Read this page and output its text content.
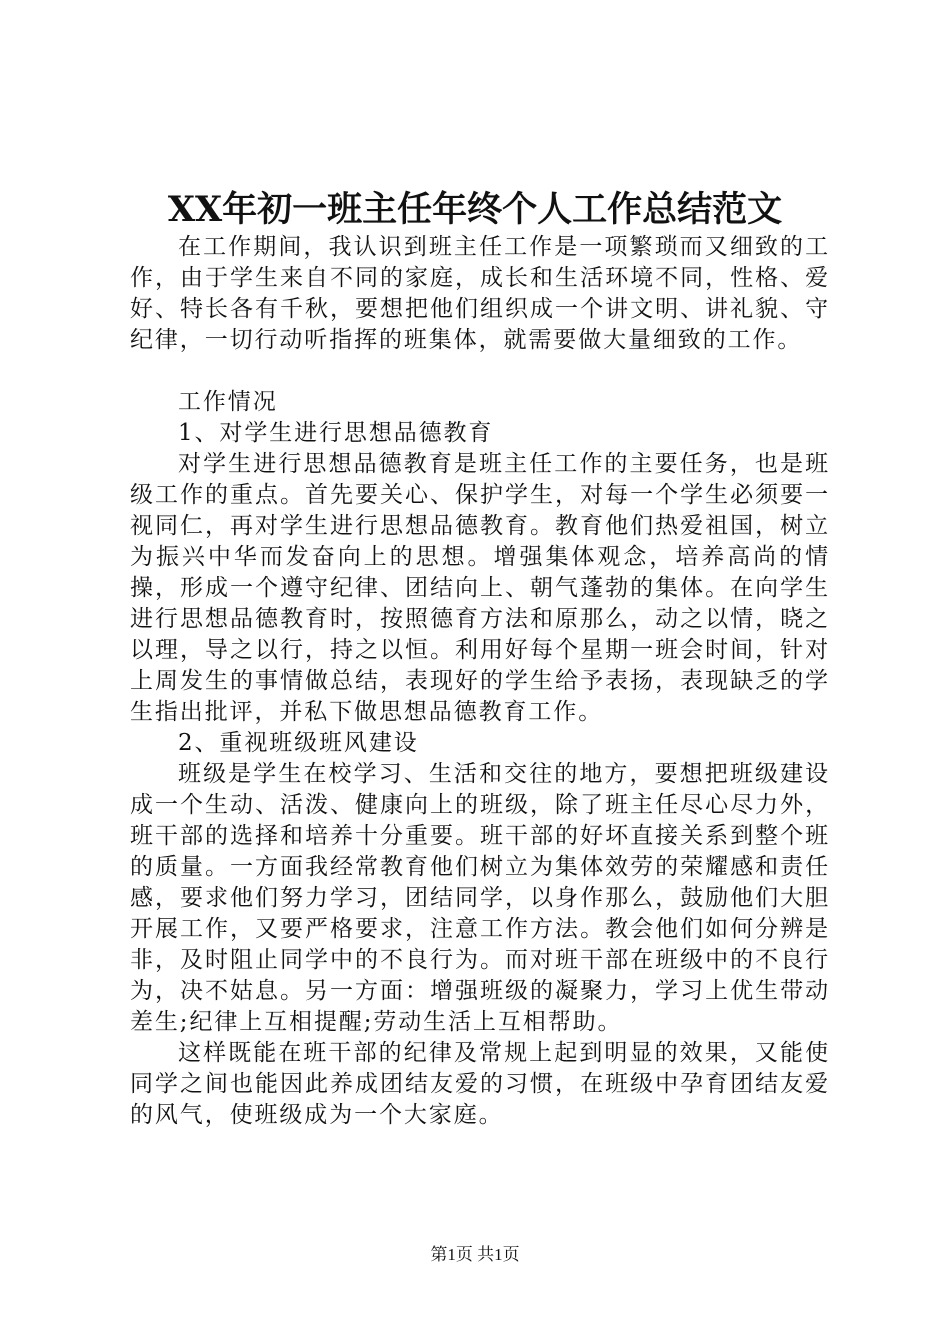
XX年初一班主任年终个人工作总结范文

在工作期间，我认识到班主任工作是一项繁琐而又细致的工作，由于学生来自不同的家庭，成长和生活环境不同，性格、爱好、特长各有千秋，要想把他们组织成一个讲文明、讲礼貌、守纪律，一切行动听指挥的班集体，就需要做大量细致的工作。

工作情况

1、对学生进行思想品德教育

对学生进行思想品德教育是班主任工作的主要任务，也是班级工作的重点。首先要关心、保护学生，对每一个学生必须要一视同仁，再对学生进行思想品德教育。教育他们热爱祖国，树立为振兴中华而发奋向上的思想。增强集体观念，培养高尚的情操，形成一个遵守纪律、团结向上、朝气蓬勃的集体。在向学生进行思想品德教育时，按照德育方法和原那么，动之以情，晓之以理，导之以行，持之以恒。利用好每个星期一班会时间，针对上周发生的事情做总结，表现好的学生给予表扬，表现缺乏的学生指出批评，并私下做思想品德教育工作。

2、重视班级班风建设

班级是学生在校学习、生活和交往的地方，要想把班级建设成一个生动、活泼、健康向上的班级，除了班主任尽心尽力外，班干部的选择和培养十分重要。班干部的好坏直接关系到整个班的质量。一方面我经常教育他们树立为集体效劳的荣耀感和责任感，要求他们努力学习，团结同学，以身作那么，鼓励他们大胆开展工作，又要严格要求，注意工作方法。教会他们如何分辨是非，及时阻止同学中的不良行为。而对班干部在班级中的不良行为，决不姑息。另一方面：增强班级的凝聚力，学习上优生带动差生;纪律上互相提醒;劳动生活上互相帮助。

这样既能在班干部的纪律及常规上起到明显的效果，又能使同学之间也能因此养成团结友爱的习惯，在班级中孕育团结友爱的风气，使班级成为一个大家庭。

第1页 共1页
